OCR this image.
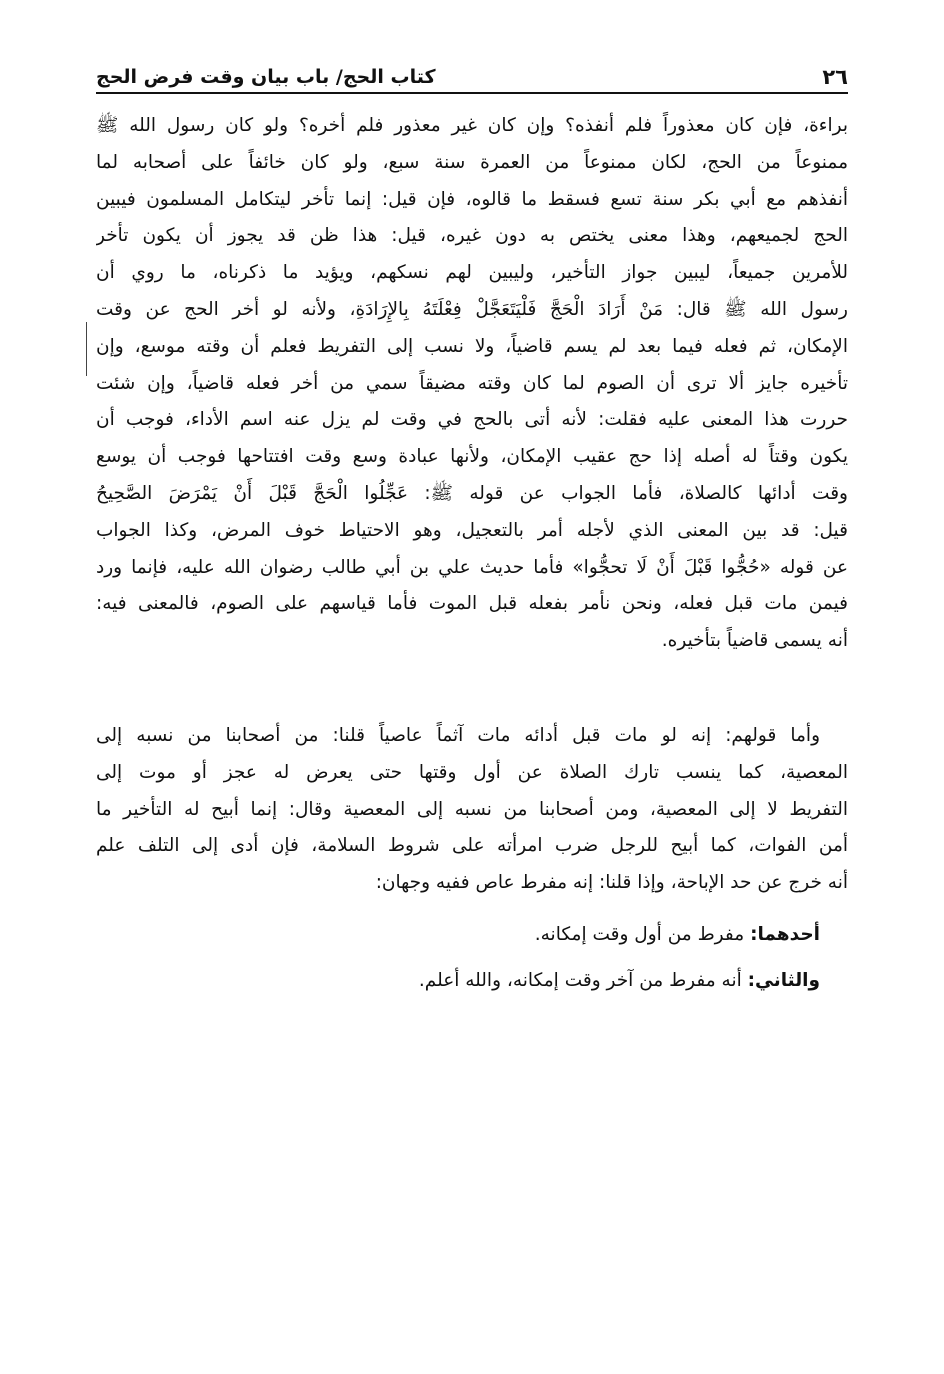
٢٦
كتاب الحج/ باب بيان وقت فرض الحج
براءة، فإن كان معذوراً فلم أنفذه؟ وإن كان غير معذور فلم أخره؟ ولو كان رسول الله ﷺ
ممنوعاً من الحج، لكان ممنوعاً من العمرة سنة سبع، ولو كان خائفاً على أصحابه لما
أنفذهم مع أبي بكر سنة تسع فسقط ما قالوه، فإن قيل: إنما تأخر ليتكامل المسلمون فيبين
الحج لجميعهم، وهذا معنى يختص به دون غيره، قيل: هذا ظن قد يجوز أن يكون تأخر
للأمرين جميعاً، ليبين جواز التأخير، وليبين لهم نسكهم، ويؤيد ما ذكرناه، ما روي أن
رسول الله ﷺ قال: مَنْ أَرَادَ الْحَجَّ فَلْيَتَعَجَّلْ فِعْلَتَهُ بِالإِرَادَةِ، ولأنه لو أخر الحج عن وقت
الإمكان، ثم فعله فيما بعد لم يسم قاضياً، ولا نسب إلى التفريط فعلم أن وقته موسع، وإن
تأخيره جايز ألا ترى أن الصوم لما كان وقته مضيقاً سمي من أخر فعله قاضياً، وإن شئت
حررت هذا المعنى عليه فقلت: لأنه أتى بالحج في وقت لم يزل عنه اسم الأداء، فوجب أن
يكون وقتاً له أصله إذا حج عقيب الإمكان، ولأنها عبادة وسع وقت افتتاحها فوجب أن يوسع
وقت أدائها كالصلاة، فأما الجواب عن قوله ﷺ: عَجِّلُوا الْحَجَّ قَبْلَ أَنْ يَمْرَضَ الصَّحِيحُ
قيل: قد بين المعنى الذي لأجله أمر بالتعجيل، وهو الاحتياط خوف المرض، وكذا الجواب
عن قوله «حُجُّوا قَبْلَ أَنْ لَا تحجُّوا» فأما حديث علي بن أبي طالب رضوان الله عليه، فإنما ورد
فيمن مات قبل فعله، ونحن نأمر بفعله قبل الموت فأما قياسهم على الصوم، فالمعنى فيه:
أنه يسمى قاضياً بتأخيره.
وأما قولهم: إنه لو مات قبل أدائه مات آثماً عاصياً قلنا: من أصحابنا من نسبه إلى
المعصية، كما ينسب تارك الصلاة عن أول وقتها حتى يعرض له عجز أو موت إلى
التفريط لا إلى المعصية، ومن أصحابنا من نسبه إلى المعصية وقال: إنما أبيح له التأخير ما
أمن الفوات، كما أبيح للرجل ضرب امرأته على شروط السلامة، فإن أدى إلى التلف علم
أنه خرج عن حد الإباحة، وإذا قلنا: إنه مفرط عاص ففيه وجهان:
أحدهما: مفرط من أول وقت إمكانه.
والثاني: أنه مفرط من آخر وقت إمكانه، والله أعلم.
